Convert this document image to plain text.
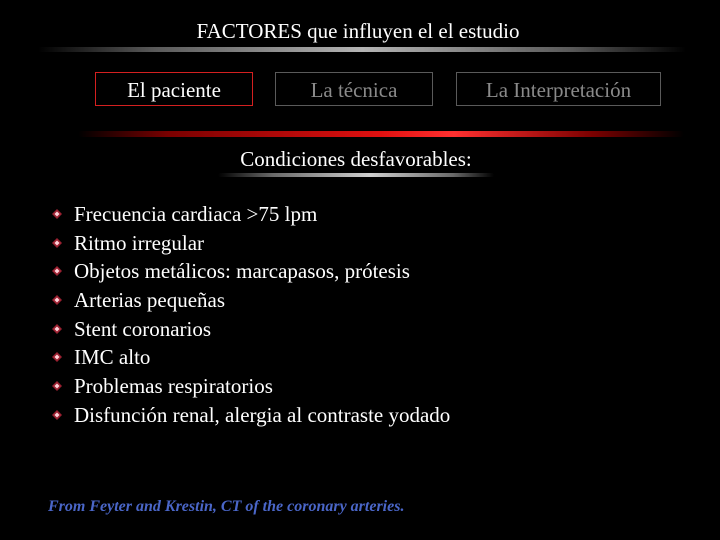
FACTORES que influyen el el estudio
El paciente	La técnica	La Interpretación
Condiciones desfavorables:
Frecuencia cardiaca >75 lpm
Ritmo irregular
Objetos metálicos: marcapasos, prótesis
Arterias pequeñas
Stent coronarios
IMC alto
Problemas respiratorios
Disfunción renal, alergia al contraste yodado
From Feyter and Krestin, CT of the coronary arteries.
